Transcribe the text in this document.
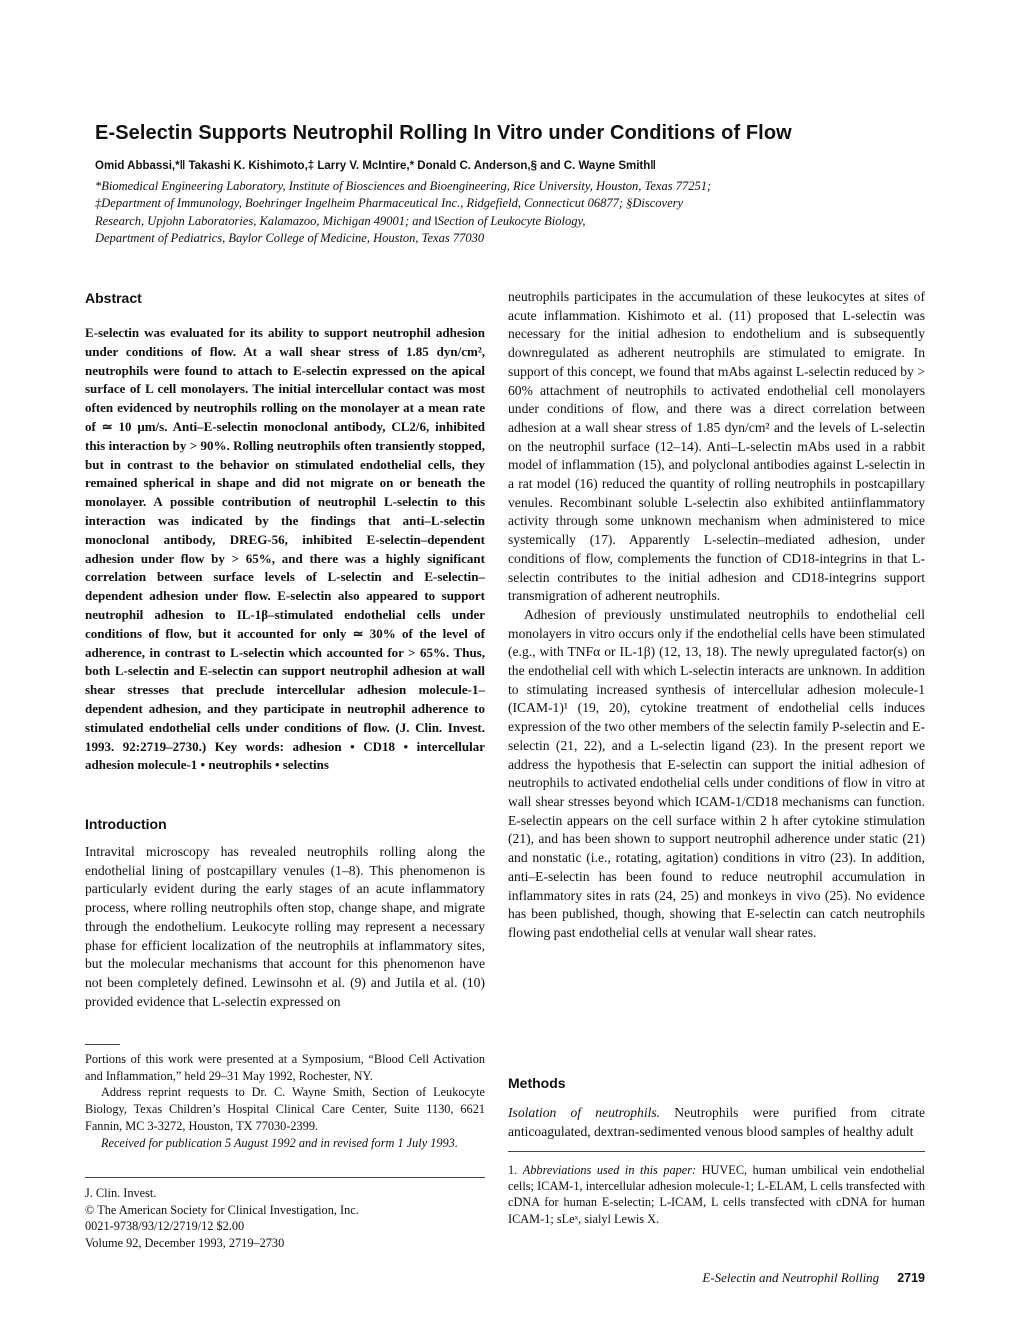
E-Selectin Supports Neutrophil Rolling In Vitro under Conditions of Flow
Omid Abbassi,*ǁ Takashi K. Kishimoto,‡ Larry V. McIntire,* Donald C. Anderson,§ and C. Wayne Smithǁ
*Biomedical Engineering Laboratory, Institute of Biosciences and Bioengineering, Rice University, Houston, Texas 77251;
‡Department of Immunology, Boehringer Ingelheim Pharmaceutical Inc., Ridgefield, Connecticut 06877; §Discovery
Research, Upjohn Laboratories, Kalamazoo, Michigan 49001; and ǁSection of Leukocyte Biology,
Department of Pediatrics, Baylor College of Medicine, Houston, Texas 77030
Abstract
E-selectin was evaluated for its ability to support neutrophil adhesion under conditions of flow. At a wall shear stress of 1.85 dyn/cm², neutrophils were found to attach to E-selectin expressed on the apical surface of L cell monolayers. The initial intercellular contact was most often evidenced by neutrophils rolling on the monolayer at a mean rate of ≃ 10 μm/s. Anti–E-selectin monoclonal antibody, CL2/6, inhibited this interaction by > 90%. Rolling neutrophils often transiently stopped, but in contrast to the behavior on stimulated endothelial cells, they remained spherical in shape and did not migrate on or beneath the monolayer. A possible contribution of neutrophil L-selectin to this interaction was indicated by the findings that anti–L-selectin monoclonal antibody, DREG-56, inhibited E-selectin–dependent adhesion under flow by > 65%, and there was a highly significant correlation between surface levels of L-selectin and E-selectin–dependent adhesion under flow. E-selectin also appeared to support neutrophil adhesion to IL-1β–stimulated endothelial cells under conditions of flow, but it accounted for only ≃ 30% of the level of adherence, in contrast to L-selectin which accounted for > 65%. Thus, both L-selectin and E-selectin can support neutrophil adhesion at wall shear stresses that preclude intercellular adhesion molecule-1–dependent adhesion, and they participate in neutrophil adherence to stimulated endothelial cells under conditions of flow. (J. Clin. Invest. 1993. 92:2719–2730.) Key words: adhesion • CD18 • intercellular adhesion molecule-1 • neutrophils • selectins
Introduction
Intravital microscopy has revealed neutrophils rolling along the endothelial lining of postcapillary venules (1–8). This phenomenon is particularly evident during the early stages of an acute inflammatory process, where rolling neutrophils often stop, change shape, and migrate through the endothelium. Leukocyte rolling may represent a necessary phase for efficient localization of the neutrophils at inflammatory sites, but the molecular mechanisms that account for this phenomenon have not been completely defined. Lewinsohn et al. (9) and Jutila et al. (10) provided evidence that L-selectin expressed on

Portions of this work were presented at a Symposium, “Blood Cell Activation and Inflammation,” held 29–31 May 1992, Rochester, NY.

Address reprint requests to Dr. C. Wayne Smith, Section of Leukocyte Biology, Texas Children’s Hospital Clinical Care Center, Suite 1130, 6621 Fannin, MC 3-3272, Houston, TX 77030-2399.

Received for publication 5 August 1992 and in revised form 1 July 1993.

J. Clin. Invest.
© The American Society for Clinical Investigation, Inc.
0021-9738/93/12/2719/12 $2.00
Volume 92, December 1993, 2719–2730

neutrophils participates in the accumulation of these leukocytes at sites of acute inflammation. Kishimoto et al. (11) proposed that L-selectin was necessary for the initial adhesion to endothelium and is subsequently downregulated as adherent neutrophils are stimulated to emigrate. In support of this concept, we found that mAbs against L-selectin reduced by > 60% attachment of neutrophils to activated endothelial cell monolayers under conditions of flow, and there was a direct correlation between adhesion at a wall shear stress of 1.85 dyn/cm² and the levels of L-selectin on the neutrophil surface (12–14). Anti–L-selectin mAbs used in a rabbit model of inflammation (15), and polyclonal antibodies against L-selectin in a rat model (16) reduced the quantity of rolling neutrophils in postcapillary venules. Recombinant soluble L-selectin also exhibited antiinflammatory activity through some unknown mechanism when administered to mice systemically (17). Apparently L-selectin–mediated adhesion, under conditions of flow, complements the function of CD18-integrins in that L-selectin contributes to the initial adhesion and CD18-integrins support transmigration of adherent neutrophils.

Adhesion of previously unstimulated neutrophils to endothelial cell monolayers in vitro occurs only if the endothelial cells have been stimulated (e.g., with TNFα or IL-1β) (12, 13, 18). The newly upregulated factor(s) on the endothelial cell with which L-selectin interacts are unknown. In addition to stimulating increased synthesis of intercellular adhesion molecule-1 (ICAM-1)¹ (19, 20), cytokine treatment of endothelial cells induces expression of the two other members of the selectin family P-selectin and E-selectin (21, 22), and a L-selectin ligand (23). In the present report we address the hypothesis that E-selectin can support the initial adhesion of neutrophils to activated endothelial cells under conditions of flow in vitro at wall shear stresses beyond which ICAM-1/CD18 mechanisms can function. E-selectin appears on the cell surface within 2 h after cytokine stimulation (21), and has been shown to support neutrophil adherence under static (21) and nonstatic (i.e., rotating, agitation) conditions in vitro (23). In addition, anti–E-selectin has been found to reduce neutrophil accumulation in inflammatory sites in rats (24, 25) and monkeys in vivo (25). No evidence has been published, though, showing that E-selectin can catch neutrophils flowing past endothelial cells at venular wall shear rates.

Methods
Isolation of neutrophils. Neutrophils were purified from citrate anticoagulated, dextran-sedimented venous blood samples of healthy adult
1. Abbreviations used in this paper: HUVEC, human umbilical vein endothelial cells; ICAM-1, intercellular adhesion molecule-1; L-ELAM, L cells transfected with cDNA for human E-selectin; L-ICAM, L cells transfected with cDNA for human ICAM-1; sLeˣ, sialyl Lewis X.
E-Selectin and Neutrophil Rolling 2719
